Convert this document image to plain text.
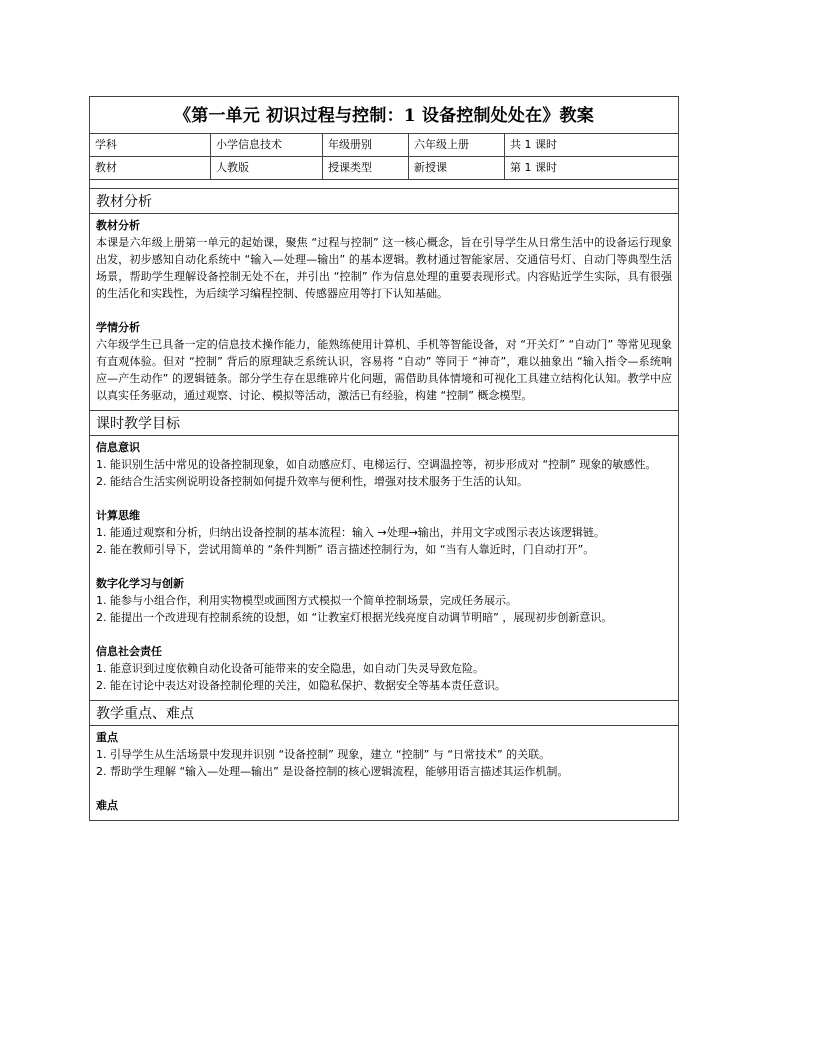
《第一单元 初识过程与控制：1 设备控制处处在》教案
学科	小学信息技术	年级册别	六年级上册	共 1 课时
教材	人教版	授课类型	新授课	第 1 课时
教材分析
教材分析
本课是六年级上册第一单元的起始课，聚焦 “过程与控制” 这一核心概念，旨在引导学生从日常生活中的设备运行现象出发，初步感知自动化系统中 “输入—处理—输出” 的基本逻辑。教材通过智能家居、交通信号灯、自动门等典型生活场景，帮助学生理解设备控制无处不在，并引出 “控制” 作为信息处理的重要表现形式。内容贴近学生实际，具有很强的生活化和实践性，为后续学习编程控制、传感器应用等打下认知基础。
学情分析
六年级学生已具备一定的信息技术操作能力，能熟练使用计算机、手机等智能设备，对 “开关灯” “自动门” 等常见现象有直观体验。但对 “控制” 背后的原理缺乏系统认识，容易将 “自动” 等同于 “神奇”，难以抽象出 “输入指令—系统响应—产生动作” 的逻辑链条。部分学生存在思维碎片化问题，需借助具体情境和可视化工具建立结构化认知。教学中应以真实任务驱动，通过观察、讨论、模拟等活动，激活已有经验，构建 “控制” 概念模型。
课时教学目标
信息意识
1. 能识别生活中常见的设备控制现象，如自动感应灯、电梯运行、空调温控等，初步形成对 “控制” 现象的敏感性。
2. 能结合生活实例说明设备控制如何提升效率与便利性，增强对技术服务于生活的认知。
计算思维
1. 能通过观察和分析，归纳出设备控制的基本流程：输入 →处理→输出，并用文字或图示表达该逻辑链。
2. 能在教师引导下，尝试用简单的 “条件判断” 语言描述控制行为，如 “当有人靠近时，门自动打开”。
数字化学习与创新
1. 能参与小组合作，利用实物模型或画图方式模拟一个简单控制场景，完成任务展示。
2. 能提出一个改进现有控制系统的设想，如 “让教室灯根据光线亮度自动调节明暗” ，展现初步创新意识。
信息社会责任
1. 能意识到过度依赖自动化设备可能带来的安全隐患，如自动门失灵导致危险。
2. 能在讨论中表达对设备控制伦理的关注，如隐私保护、数据安全等基本责任意识。
教学重点、难点
重点
1. 引导学生从生活场景中发现并识别 “设备控制” 现象，建立 “控制” 与 “日常技术” 的关联。
2. 帮助学生理解 “输入—处理—输出” 是设备控制的核心逻辑流程，能够用语言描述其运作机制。
难点
